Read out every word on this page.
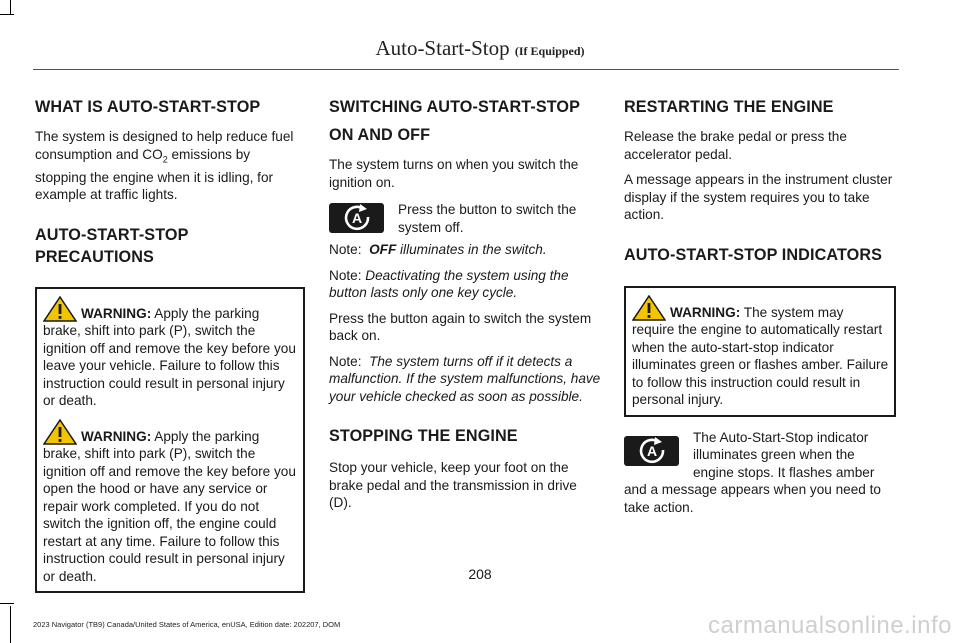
Auto-Start-Stop (If Equipped)
WHAT IS AUTO-START-STOP

The system is designed to help reduce fuel consumption and $CO_2$ emissions by stopping the engine when it is idling, for example at traffic lights.

AUTO-START-STOP PRECAUTIONS

WARNING: Apply the parking brake, shift into park (P), switch the ignition off and remove the key before you leave your vehicle. Failure to follow this instruction could result in personal injury or death.

WARNING: Apply the parking brake, shift into park (P), switch the ignition off and remove the key before you open the hood or have any service or repair work completed. If you do not switch the ignition off, the engine could restart at any time. Failure to follow this instruction could result in personal injury or death.

SWITCHING AUTO-START-STOP
ON AND OFF

The system turns on when you switch the ignition on.

A

Press the button to switch the system off.

Note: OFF illuminates in the switch.

Note: Deactivating the system using the button lasts only one key cycle.

Press the button again to switch the system back on.

Note: The system turns off if it detects a malfunction. If the system malfunctions, have your vehicle checked as soon as possible.

STOPPING THE ENGINE

Stop your vehicle, keep your foot on the brake pedal and the transmission in drive (D).

RESTARTING THE ENGINE

Release the brake pedal or press the accelerator pedal.

A message appears in the instrument cluster display if the system requires you to take action.

AUTO-START-STOP INDICATORS

WARNING: The system may require the engine to automatically restart when the auto-start-stop indicator illuminates green or flashes amber. Failure to follow this instruction could result in personal injury.

A

The Auto-Start-Stop indicator illuminates green when the engine stops. It flashes amber and a message appears when you need to take action.

208
2023 Navigator (TB9) Canada/United States of America, enUSA, Edition date: 202207, DOM	carmanualsonline.info
